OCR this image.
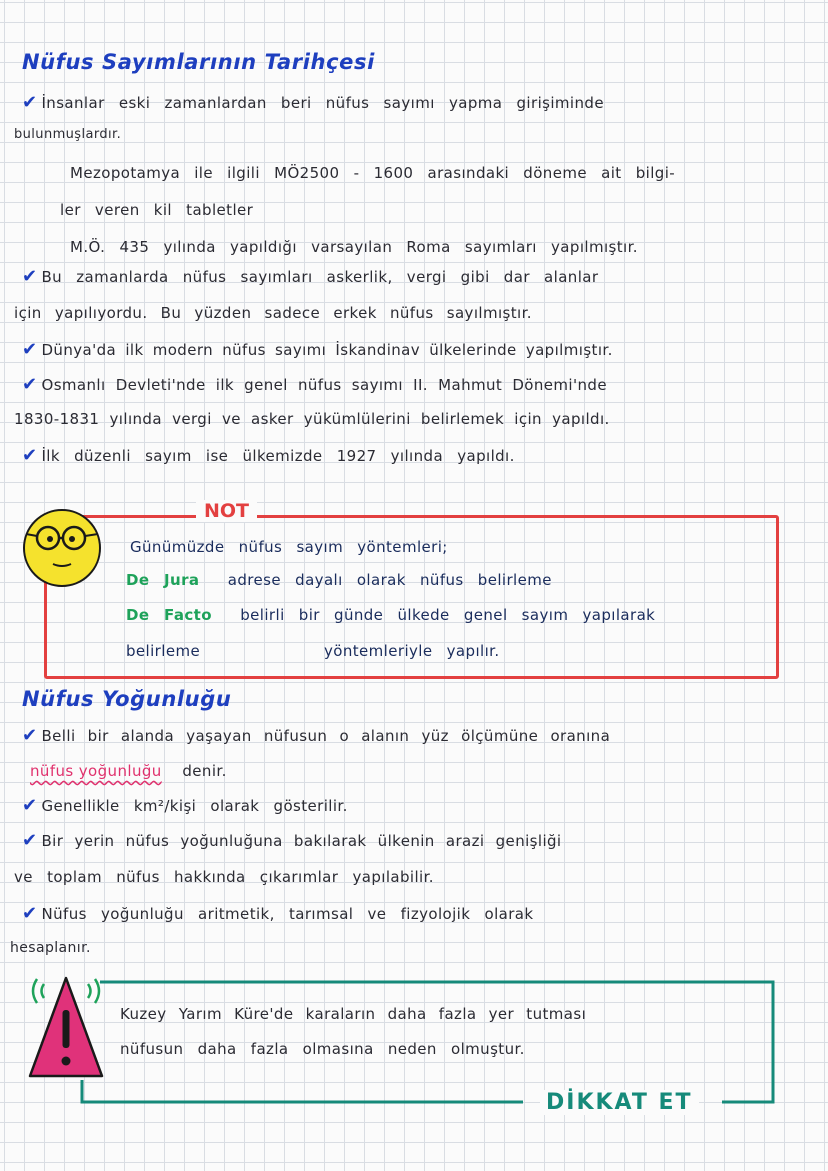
Nüfus Sayımlarının Tarihçesi
✔ İnsanlar eski zamanlardan beri nüfus sayımı yapma girişiminde
bulunmuşlardır.
Mezopotamya ile ilgili MÖ2500 - 1600 arasındaki döneme ait bilgi-
ler veren kil tabletler
M.Ö. 435 yılında yapıldığı varsayılan Roma sayımları yapılmıştır.
✔ Bu zamanlarda nüfus sayımları askerlik, vergi gibi dar alanlar
için yapılıyordu. Bu yüzden sadece erkek nüfus sayılmıştır.
✔ Dünya'da ilk modern nüfus sayımı İskandinav ülkelerinde yapılmıştır.
✔ Osmanlı Devleti'nde ilk genel nüfus sayımı II. Mahmut Dönemi'nde
1830-1831 yılında vergi ve asker yükümlülerini belirlemek için yapıldı.
✔ İlk düzenli sayım ise ülkemizde 1927 yılında yapıldı.
NOT
Günümüzde nüfus sayım yöntemleri;
De Jura adrese dayalı olarak nüfus belirleme
De Facto belirli bir günde ülkede genel sayım yapılarak
belirleme	yöntemleriyle yapılır.
Nüfus Yoğunluğu
✔ Belli bir alanda yaşayan nüfusun o alanın yüz ölçümüne oranına
nüfus yoğunluğu denir.
✔ Genellikle km²/kişi olarak gösterilir.
✔ Bir yerin nüfus yoğunluğuna bakılarak ülkenin arazi genişliği
ve toplam nüfus hakkında çıkarımlar yapılabilir.
✔ Nüfus yoğunluğu aritmetik, tarımsal ve fizyolojik olarak
hesaplanır.
Kuzey Yarım Küre'de karaların daha fazla yer tutması
nüfusun daha fazla olmasına neden olmuştur.
DİKKAT ET
